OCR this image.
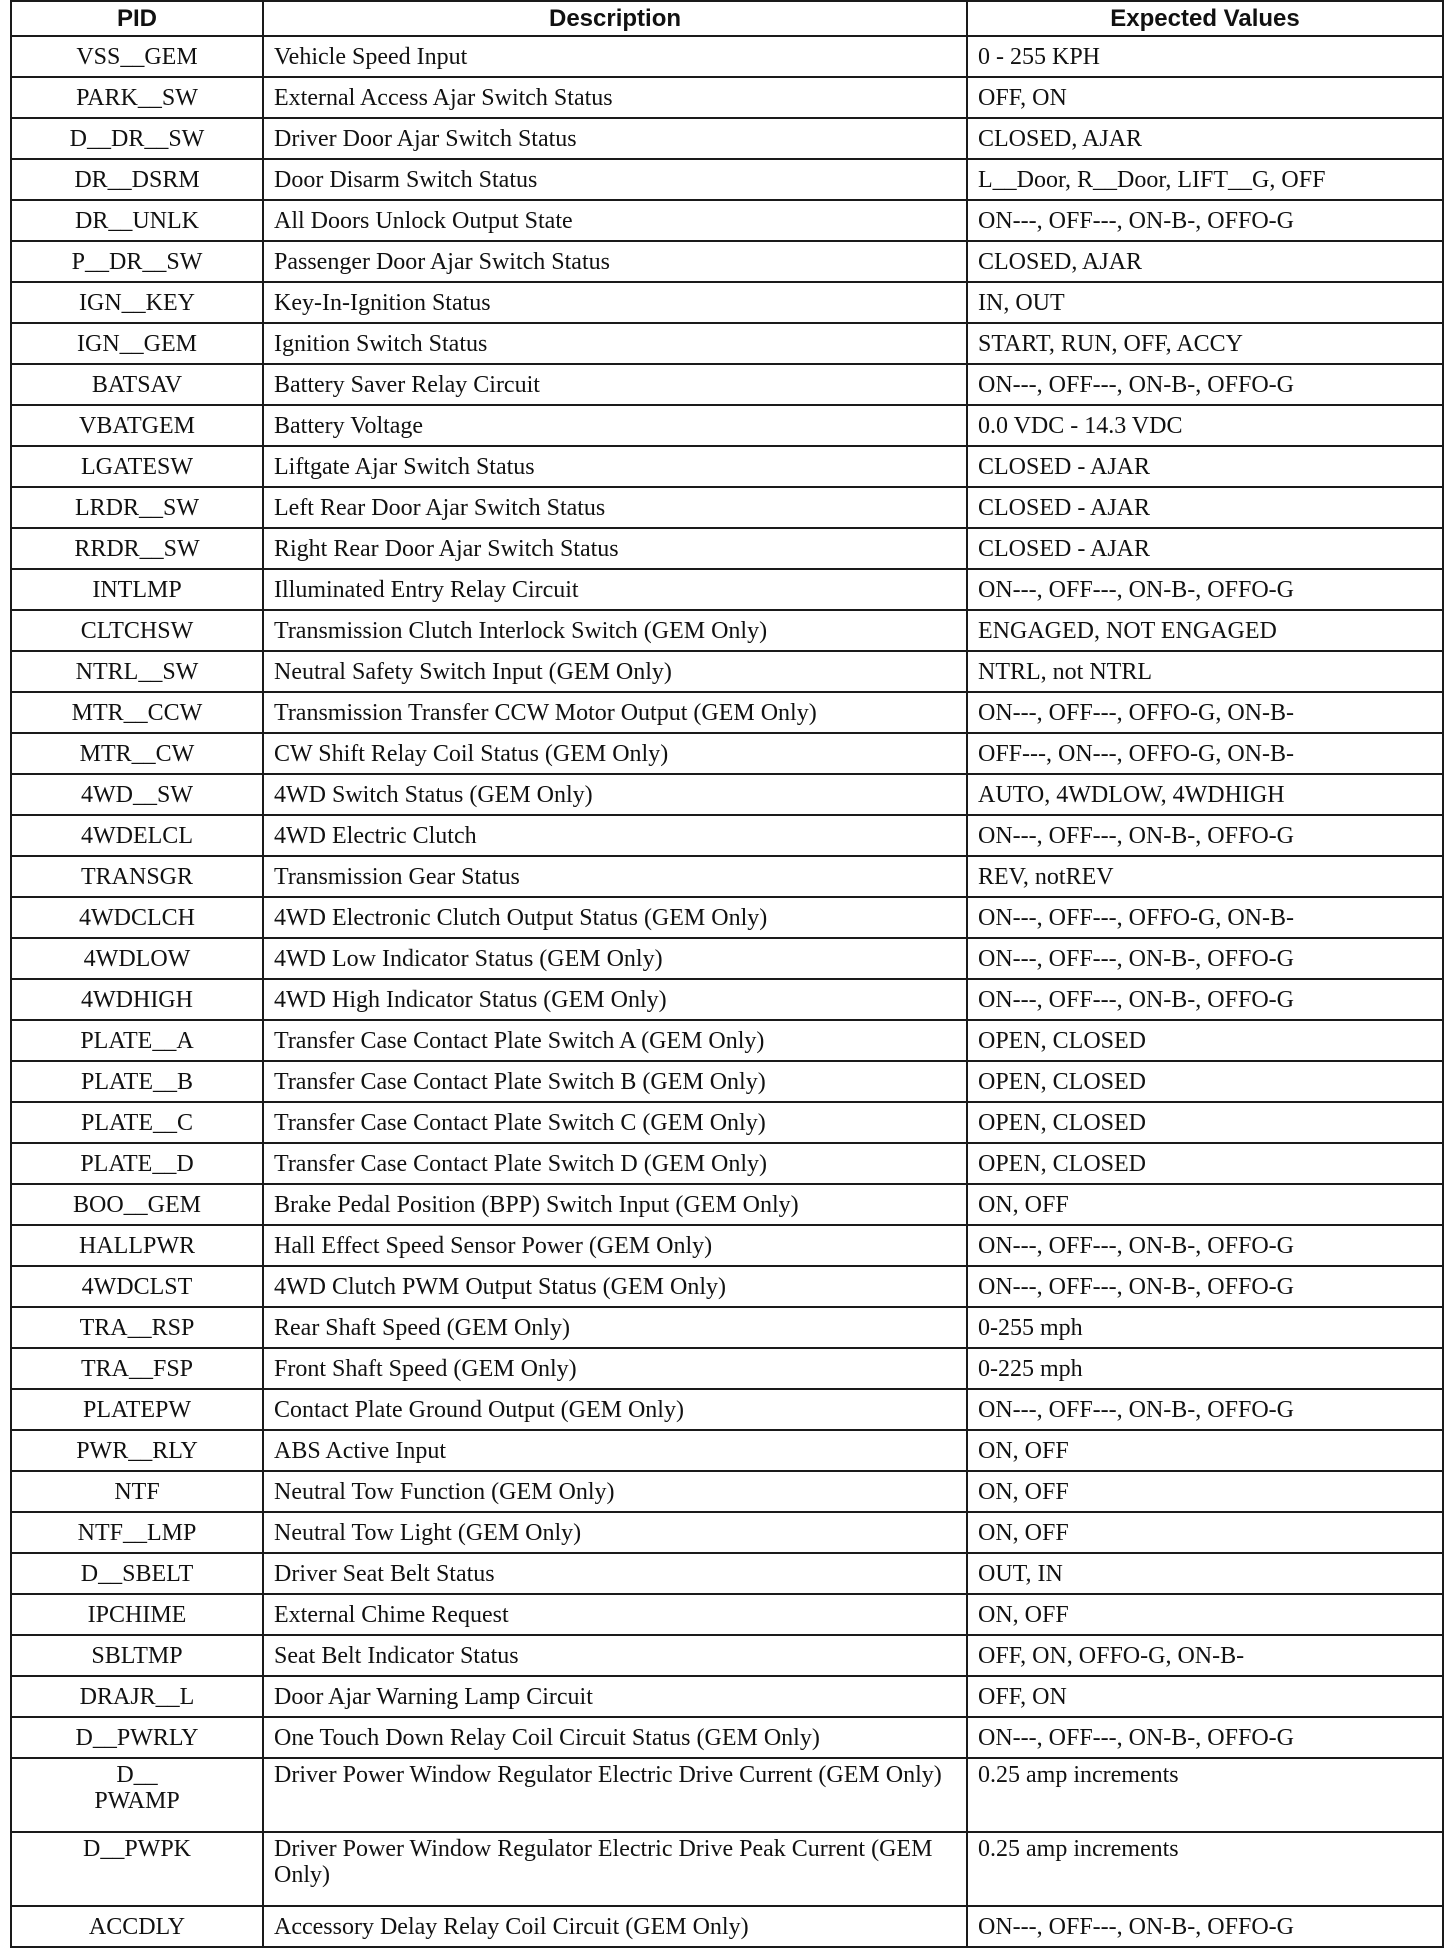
PID	Description	Expected Values
VSS__GEM	Vehicle Speed Input	0 - 255 KPH
PARK__SW	External Access Ajar Switch Status	OFF, ON
D__DR__SW	Driver Door Ajar Switch Status	CLOSED, AJAR
DR__DSRM	Door Disarm Switch Status	L__Door, R__Door, LIFT__G, OFF
DR__UNLK	All Doors Unlock Output State	ON---, OFF---, ON-B-, OFFO-G
P__DR__SW	Passenger Door Ajar Switch Status	CLOSED, AJAR
IGN__KEY	Key-In-Ignition Status	IN, OUT
IGN__GEM	Ignition Switch Status	START, RUN, OFF, ACCY
BATSAV	Battery Saver Relay Circuit	ON---, OFF---, ON-B-, OFFO-G
VBATGEM	Battery Voltage	0.0 VDC - 14.3 VDC
LGATESW	Liftgate Ajar Switch Status	CLOSED - AJAR
LRDR__SW	Left Rear Door Ajar Switch Status	CLOSED - AJAR
RRDR__SW	Right Rear Door Ajar Switch Status	CLOSED - AJAR
INTLMP	Illuminated Entry Relay Circuit	ON---, OFF---, ON-B-, OFFO-G
CLTCHSW	Transmission Clutch Interlock Switch (GEM Only)	ENGAGED, NOT ENGAGED
NTRL__SW	Neutral Safety Switch Input (GEM Only)	NTRL, not NTRL
MTR__CCW	Transmission Transfer CCW Motor Output (GEM Only)	ON---, OFF---, OFFO-G, ON-B-
MTR__CW	CW Shift Relay Coil Status (GEM Only)	OFF---, ON---, OFFO-G, ON-B-
4WD__SW	4WD Switch Status (GEM Only)	AUTO, 4WDLOW, 4WDHIGH
4WDELCL	4WD Electric Clutch	ON---, OFF---, ON-B-, OFFO-G
TRANSGR	Transmission Gear Status	REV, notREV
4WDCLCH	4WD Electronic Clutch Output Status (GEM Only)	ON---, OFF---, OFFO-G, ON-B-
4WDLOW	4WD Low Indicator Status (GEM Only)	ON---, OFF---, ON-B-, OFFO-G
4WDHIGH	4WD High Indicator Status (GEM Only)	ON---, OFF---, ON-B-, OFFO-G
PLATE__A	Transfer Case Contact Plate Switch A (GEM Only)	OPEN, CLOSED
PLATE__B	Transfer Case Contact Plate Switch B (GEM Only)	OPEN, CLOSED
PLATE__C	Transfer Case Contact Plate Switch C (GEM Only)	OPEN, CLOSED
PLATE__D	Transfer Case Contact Plate Switch D (GEM Only)	OPEN, CLOSED
BOO__GEM	Brake Pedal Position (BPP) Switch Input (GEM Only)	ON, OFF
HALLPWR	Hall Effect Speed Sensor Power (GEM Only)	ON---, OFF---, ON-B-, OFFO-G
4WDCLST	4WD Clutch PWM Output Status (GEM Only)	ON---, OFF---, ON-B-, OFFO-G
TRA__RSP	Rear Shaft Speed (GEM Only)	0-255 mph
TRA__FSP	Front Shaft Speed (GEM Only)	0-225 mph
PLATEPW	Contact Plate Ground Output (GEM Only)	ON---, OFF---, ON-B-, OFFO-G
PWR__RLY	ABS Active Input	ON, OFF
NTF	Neutral Tow Function (GEM Only)	ON, OFF
NTF__LMP	Neutral Tow Light (GEM Only)	ON, OFF
D__SBELT	Driver Seat Belt Status	OUT, IN
IPCHIME	External Chime Request	ON, OFF
SBLTMP	Seat Belt Indicator Status	OFF, ON, OFFO-G, ON-B-
DRAJR__L	Door Ajar Warning Lamp Circuit	OFF, ON
D__PWRLY	One Touch Down Relay Coil Circuit Status (GEM Only)	ON---, OFF---, ON-B-, OFFO-G
D__
PWAMP	Driver Power Window Regulator Electric Drive Current (GEM Only)	0.25 amp increments
D__PWPK	Driver Power Window Regulator Electric Drive Peak Current (GEM Only)	0.25 amp increments
ACCDLY	Accessory Delay Relay Coil Circuit (GEM Only)	ON---, OFF---, ON-B-, OFFO-G
